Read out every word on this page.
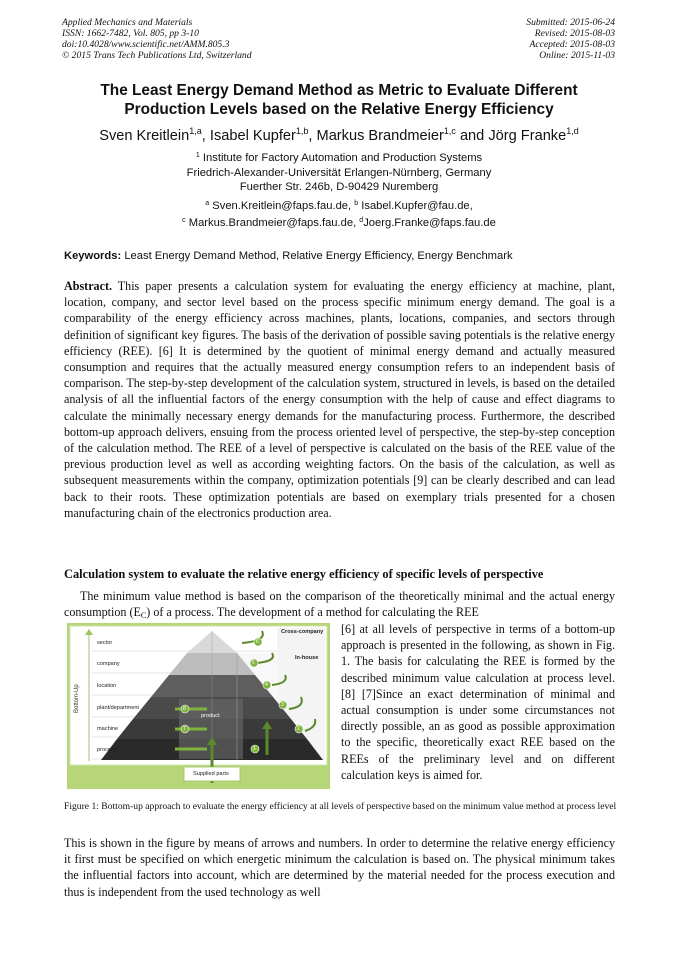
Applied Mechanics and Materials
ISSN: 1662-7482, Vol. 805, pp 3-10
doi:10.4028/www.scientific.net/AMM.805.3
© 2015 Trans Tech Publications Ltd, Switzerland
Submitted: 2015-06-24
Revised: 2015-08-03
Accepted: 2015-08-03
Online: 2015-11-03
The Least Energy Demand Method as Metric to Evaluate Different
Production Levels based on the Relative Energy Efficiency
Sven Kreitlein$^{1,a}$, Isabel Kupfer$^{1,b}$, Markus Brandmeier$^{1,c}$ and Jörg Franke$^{1,d}$
$^1$ Institute for Factory Automation and Production Systems
Friedrich-Alexander-Universität Erlangen-Nürnberg, Germany
Fuerther Str. 246b, D-90429 Nuremberg
$^a$ Sven.Kreitlein@faps.fau.de, $^b$ Isabel.Kupfer@fau.de,
$^c$ Markus.Brandmeier@faps.fau.de, $^d$Joerg.Franke@faps.fau.de
Keywords: Least Energy Demand Method, Relative Energy Efficiency, Energy Benchmark
Abstract. This paper presents a calculation system for evaluating the energy efficiency at machine, plant, location, company, and sector level based on the process specific minimum energy demand. The goal is a comparability of the energy efficiency across machines, plants, locations, companies, and sectors through definition of significant key figures. The basis of the derivation of possible saving potentials is the relative energy efficiency (REE). [6] It is determined by the quotient of minimal energy demand and actually measured consumption and requires that the actually measured energy consumption refers to an independent basis of comparison. The step-by-step development of the calculation system, structured in levels, is based on the detailed analysis of all the influential factors of the energy consumption with the help of cause and effect diagrams to calculate the minimally necessary energy demands for the manufacturing process. Furthermore, the described bottom-up approach delivers, ensuing from the process oriented level of perspective, the step-by-step conception of the calculation method. The REE of a level of perspective is calculated on the basis of the REE value of the previous production level as well as according weighting factors. On the basis of the calculation, as well as subsequent measurements within the company, optimization potentials [9] can be clearly described and can lead back to their roots. These optimization potentials are based on exemplary trials presented for a chosen manufacturing chain of the electronics production area.
Calculation system to evaluate the relative energy efficiency of specific levels of perspective
The minimum value method is based on the comparison of the theoretically minimal and the actual energy consumption $(E_C)$ of a process. The development of a method for calculating the REE
Bottom-Up
sector
company
location
plant/department
machine
process
Cross-company
In-house
product
Supplied parts
6
5
4
3
2
1
8
7
[6] at all levels of perspective in terms of a bottom-up approach is presented in the following, as shown in Fig. 1. The basis for calculating the REE is formed by the described minimum value calculation at process level. [8] [7]Since an exact determination of minimal and actual consumption is under some circumstances not directly possible, an as good as possible approximation to the specific, theoretically exact REE based on the REEs of the preliminary level and on different calculation keys is aimed for.
Figure 1: Bottom-up approach to evaluate the energy efficiency at all levels of perspective based on the minimum value method at process level
This is shown in the figure by means of arrows and numbers. In order to determine the relative energy efficiency it first must be specified on which energetic minimum the calculation is based on. The physical minimum takes the influential factors into account, which are determined by the material needed for the process execution and thus is independent from the used technology as well
